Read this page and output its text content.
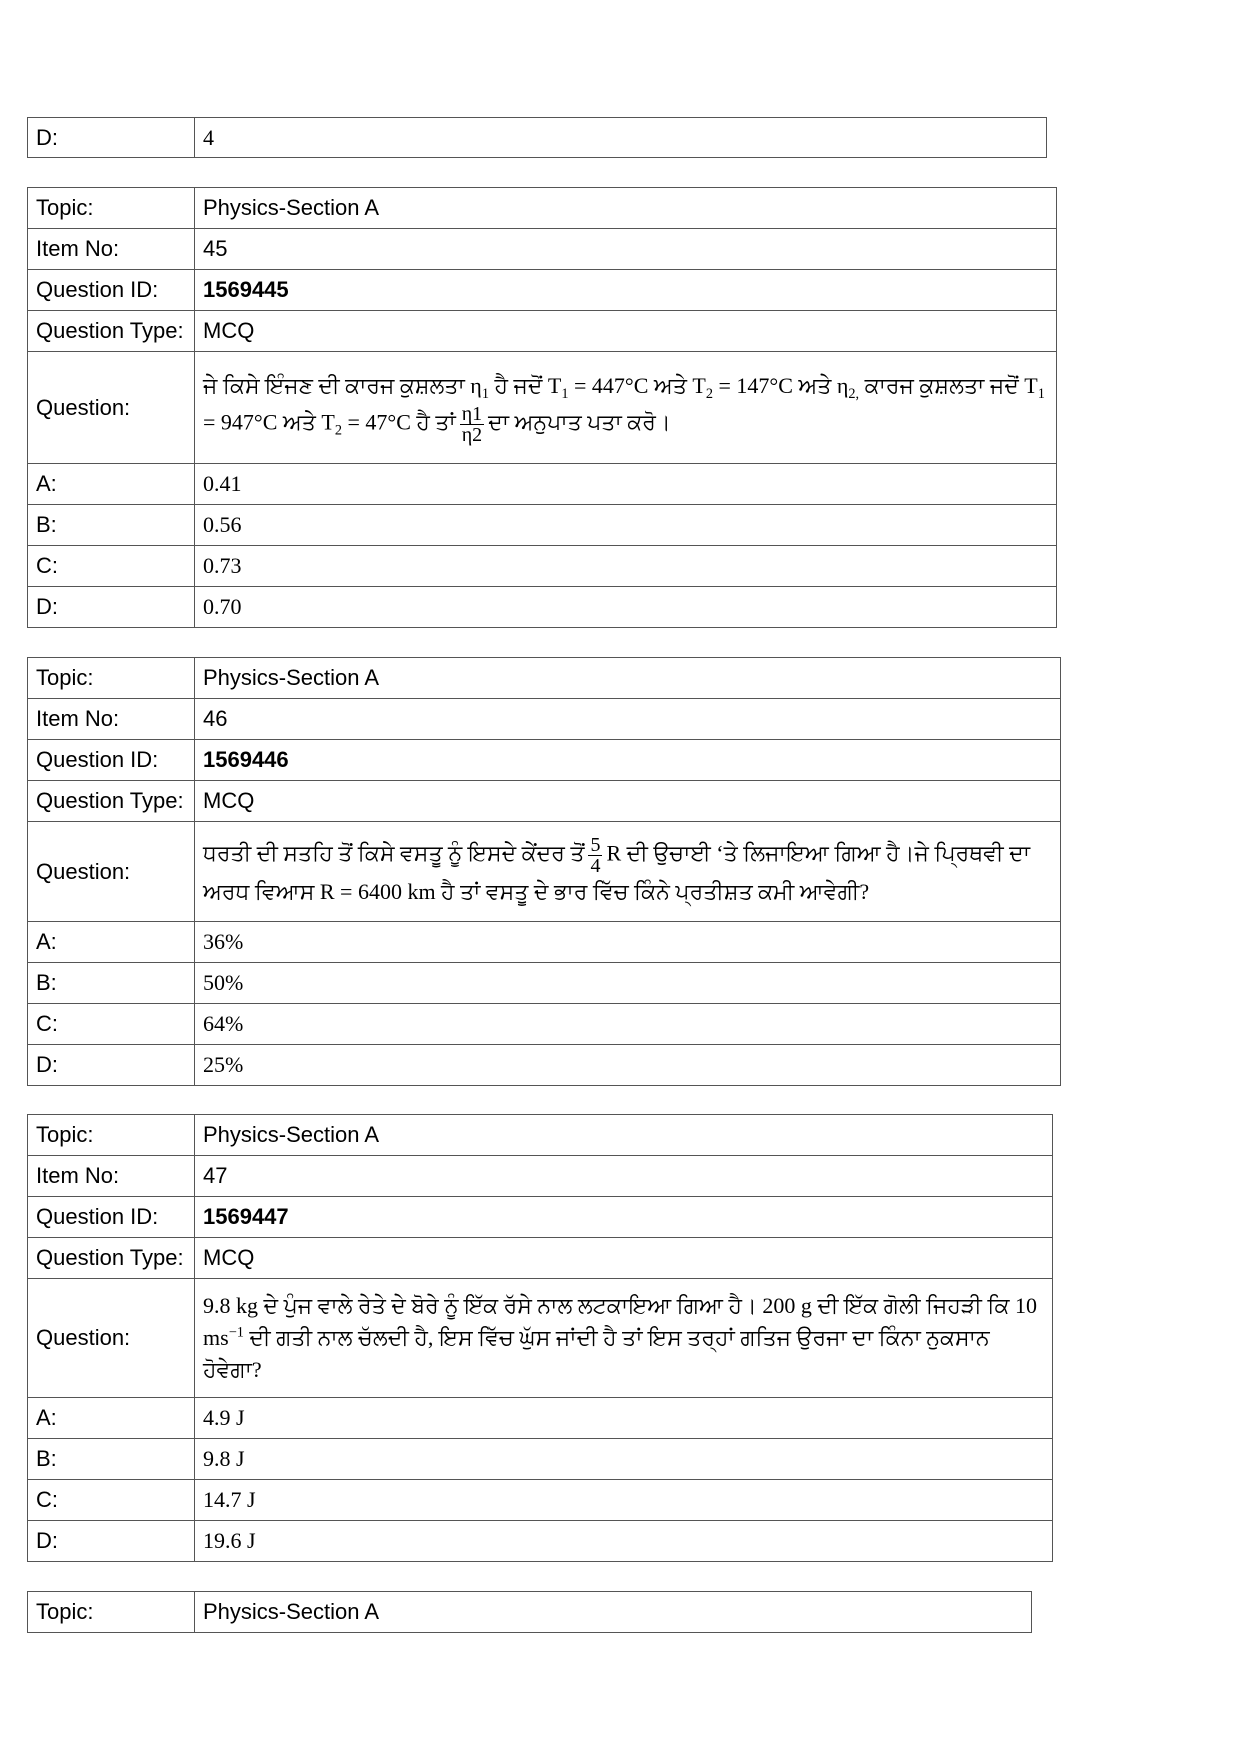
D:	4
Topic:	Physics-Section A
Item No:	45
Question ID:	1569445
Question Type:	MCQ
Question:	ਜੇ ਕਿਸੇ ਇੰਜਣ ਦੀ ਕਾਰਜ ਕੁਸ਼ਲਤਾ $\eta_1$ ਹੈ ਜਦੋਂ $T_1 = 447^\circ C$ ਅਤੇ $T_2 = 147^\circ C$ ਅਤੇ $\eta_{2,}$ ਕਾਰਜ ਕੁਸ਼ਲਤਾ ਜਦੋਂ $T_1 = 947^\circ C$ ਅਤੇ $T_2 = 47^\circ C$ ਹੈ ਤਾਂ $\frac{\eta 1}{\eta 2}$ ਦਾ ਅਨੁਪਾਤ ਪਤਾ ਕਰੋ।
A:	0.41
B:	0.56
C:	0.73
D:	0.70
Topic:	Physics-Section A
Item No:	46
Question ID:	1569446
Question Type:	MCQ
Question:	ਧਰਤੀ ਦੀ ਸਤਹਿ ਤੋਂ ਕਿਸੇ ਵਸਤੂ ਨੂੰ ਇਸਦੇ ਕੇਂਦਰ ਤੋਂ $\frac{5}{4}$ R ਦੀ ਉਚਾਈ ‘ਤੇ ਲਿਜਾਇਆ ਗਿਆ ਹੈ।ਜੇ ਪ੍ਰਿਥਵੀ ਦਾ ਅਰਧ ਵਿਆਸ R = 6400 km ਹੈ ਤਾਂ ਵਸਤੂ ਦੇ ਭਾਰ ਵਿੱਚ ਕਿੰਨੇ ਪ੍ਰਤੀਸ਼ਤ ਕਮੀ ਆਵੇਗੀ?
A:	36%
B:	50%
C:	64%
D:	25%
Topic:	Physics-Section A
Item No:	47
Question ID:	1569447
Question Type:	MCQ
Question:	9.8 kg ਦੇ ਪੁੰਜ ਵਾਲੇ ਰੇਤੇ ਦੇ ਬੋਰੇ ਨੂੰ ਇੱਕ ਰੱਸੇ ਨਾਲ ਲਟਕਾਇਆ ਗਿਆ ਹੈ। 200 g ਦੀ ਇੱਕ ਗੋਲੀ ਜਿਹੜੀ ਕਿ 10 $ms^{-1}$ ਦੀ ਗਤੀ ਨਾਲ ਚੱਲਦੀ ਹੈ, ਇਸ ਵਿੱਚ ਘੁੱਸ ਜਾਂਦੀ ਹੈ ਤਾਂ ਇਸ ਤਰ੍ਹਾਂ ਗਤਿਜ ਉਰਜਾ ਦਾ ਕਿੰਨਾ ਨੁਕਸਾਨ ਹੋਵੇਗਾ?
A:	4.9 J
B:	9.8 J
C:	14.7 J
D:	19.6 J
Topic:	Physics-Section A
